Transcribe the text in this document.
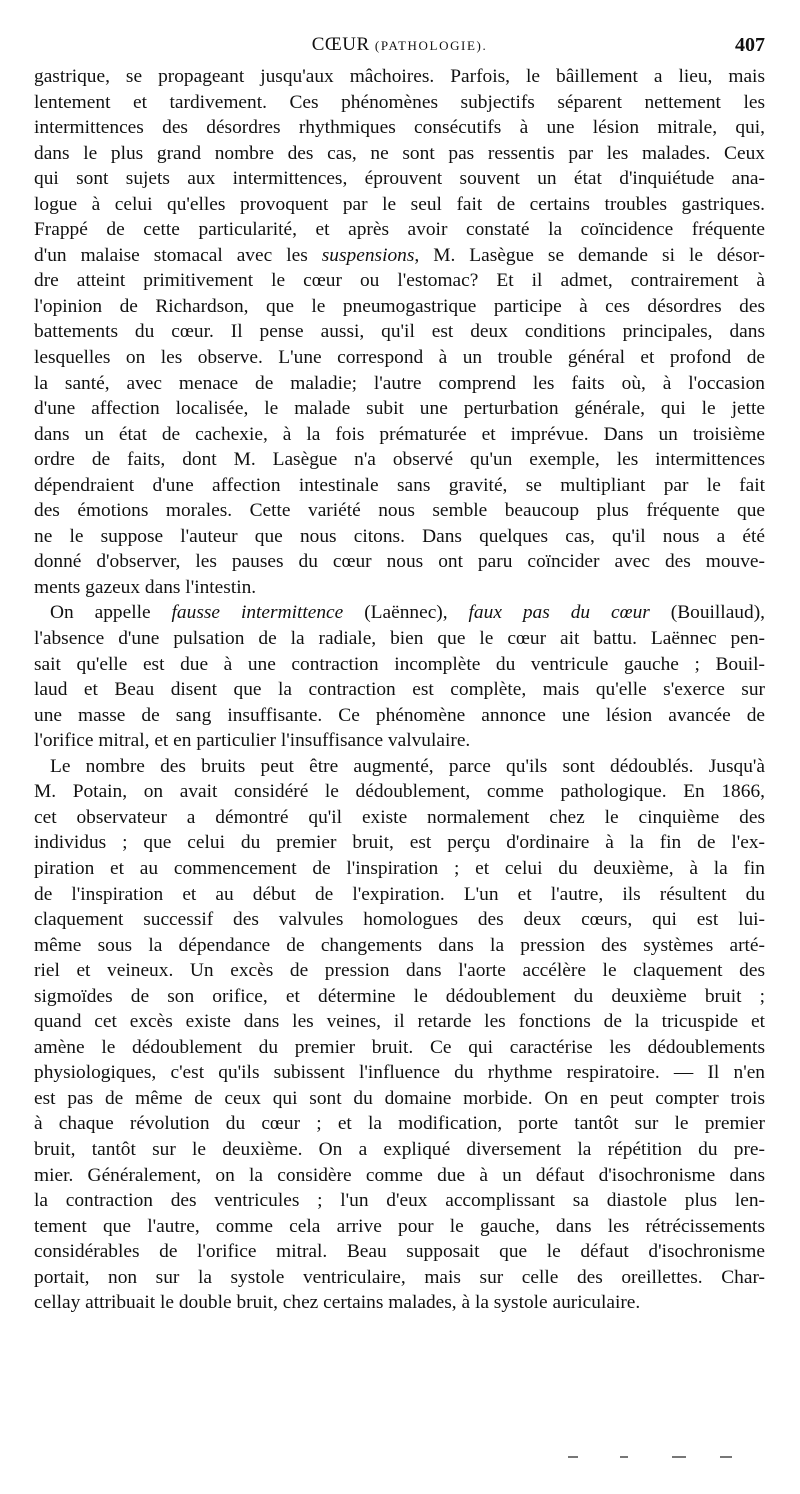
CŒUR (PATHOLOGIE).	407
gastrique, se propageant jusqu'aux mâchoires. Parfois, le bâillement a lieu, mais
lentement et tardivement. Ces phénomènes subjectifs séparent nettement les
intermittences des désordres rhythmiques consécutifs à une lésion mitrale, qui,
dans le plus grand nombre des cas, ne sont pas ressentis par les malades. Ceux
qui sont sujets aux intermittences, éprouvent souvent un état d'inquiétude ana-
logue à celui qu'elles provoquent par le seul fait de certains troubles gastriques.
Frappé de cette particularité, et après avoir constaté la coïncidence fréquente
d'un malaise stomacal avec les suspensions, M. Lasègue se demande si le désor-
dre atteint primitivement le cœur ou l'estomac? Et il admet, contrairement à
l'opinion de Richardson, que le pneumogastrique participe à ces désordres des
battements du cœur. Il pense aussi, qu'il est deux conditions principales, dans
lesquelles on les observe. L'une correspond à un trouble général et profond de
la santé, avec menace de maladie; l'autre comprend les faits où, à l'occasion
d'une affection localisée, le malade subit une perturbation générale, qui le jette
dans un état de cachexie, à la fois prématurée et imprévue. Dans un troisième
ordre de faits, dont M. Lasègue n'a observé qu'un exemple, les intermittences
dépendraient d'une affection intestinale sans gravité, se multipliant par le fait
des émotions morales. Cette variété nous semble beaucoup plus fréquente que
ne le suppose l'auteur que nous citons. Dans quelques cas, qu'il nous a été
donné d'observer, les pauses du cœur nous ont paru coïncider avec des mouve-
ments gazeux dans l'intestin.
On appelle fausse intermittence (Laënnec), faux pas du cœur (Bouillaud),
l'absence d'une pulsation de la radiale, bien que le cœur ait battu. Laënnec pen-
sait qu'elle est due à une contraction incomplète du ventricule gauche ; Bouil-
laud et Beau disent que la contraction est complète, mais qu'elle s'exerce sur
une masse de sang insuffisante. Ce phénomène annonce une lésion avancée de
l'orifice mitral, et en particulier l'insuffisance valvulaire.
Le nombre des bruits peut être augmenté, parce qu'ils sont dédoublés. Jusqu'à
M. Potain, on avait considéré le dédoublement, comme pathologique. En 1866,
cet observateur a démontré qu'il existe normalement chez le cinquième des
individus ; que celui du premier bruit, est perçu d'ordinaire à la fin de l'ex-
piration et au commencement de l'inspiration ; et celui du deuxième, à la fin
de l'inspiration et au début de l'expiration. L'un et l'autre, ils résultent du
claquement successif des valvules homologues des deux cœurs, qui est lui-
même sous la dépendance de changements dans la pression des systèmes arté-
riel et veineux. Un excès de pression dans l'aorte accélère le claquement des
sigmoïdes de son orifice, et détermine le dédoublement du deuxième bruit ;
quand cet excès existe dans les veines, il retarde les fonctions de la tricuspide et
amène le dédoublement du premier bruit. Ce qui caractérise les dédoublements
physiologiques, c'est qu'ils subissent l'influence du rhythme respiratoire. — Il n'en
est pas de même de ceux qui sont du domaine morbide. On en peut compter trois
à chaque révolution du cœur ; et la modification, porte tantôt sur le premier
bruit, tantôt sur le deuxième. On a expliqué diversement la répétition du pre-
mier. Généralement, on la considère comme due à un défaut d'isochronisme dans
la contraction des ventricules ; l'un d'eux accomplissant sa diastole plus len-
tement que l'autre, comme cela arrive pour le gauche, dans les rétrécissements
considérables de l'orifice mitral. Beau supposait que le défaut d'isochronisme
portait, non sur la systole ventriculaire, mais sur celle des oreillettes. Char-
cellay attribuait le double bruit, chez certains malades, à la systole auriculaire.
